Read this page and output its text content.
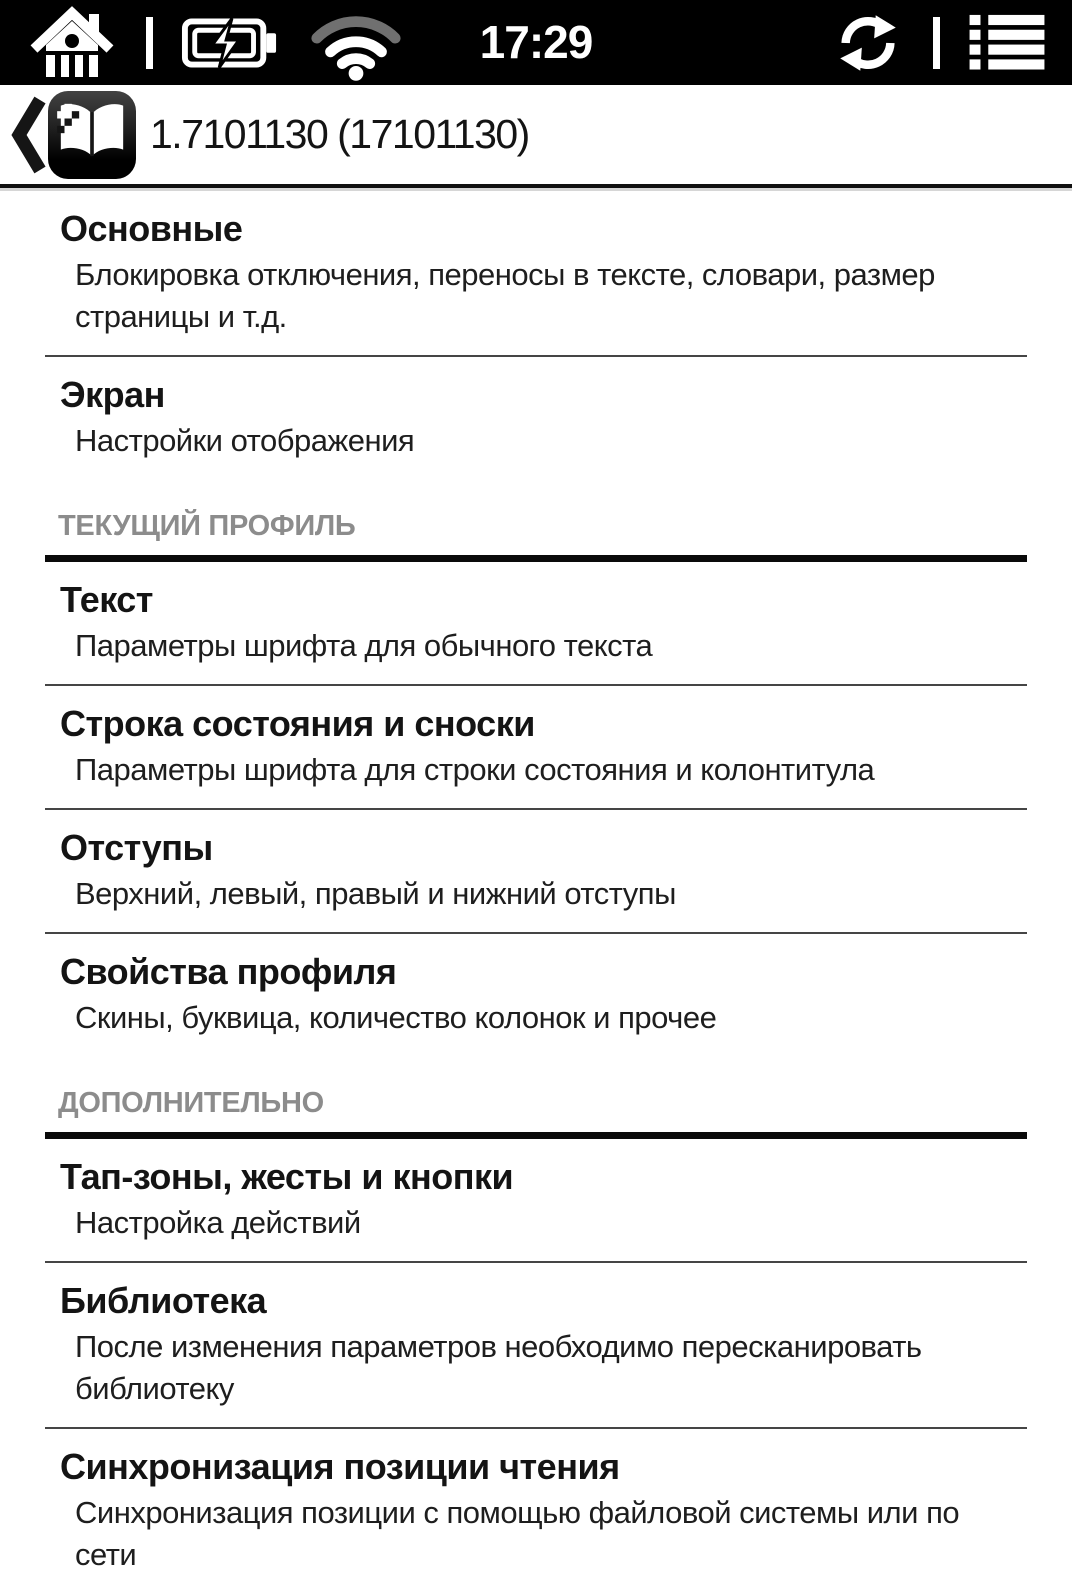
17:29
1.7101130 (17101130)
Основные
Блокировка отключения, переносы в тексте, словари, размер страницы и т.д.
Экран
Настройки отображения
ТЕКУЩИЙ ПРОФИЛЬ
Текст
Параметры шрифта для обычного текста
Строка состояния и сноски
Параметры шрифта для строки состояния и колонтитула
Отступы
Верхний, левый, правый и нижний отступы
Свойства профиля
Скины, буквица, количество колонок и прочее
ДОПОЛНИТЕЛЬНО
Тап-зоны, жесты и кнопки
Настройка действий
Библиотека
После изменения параметров необходимо пересканировать библиотеку
Синхронизация позиции чтения
Синхронизация позиции с помощью файловой системы или по сети
